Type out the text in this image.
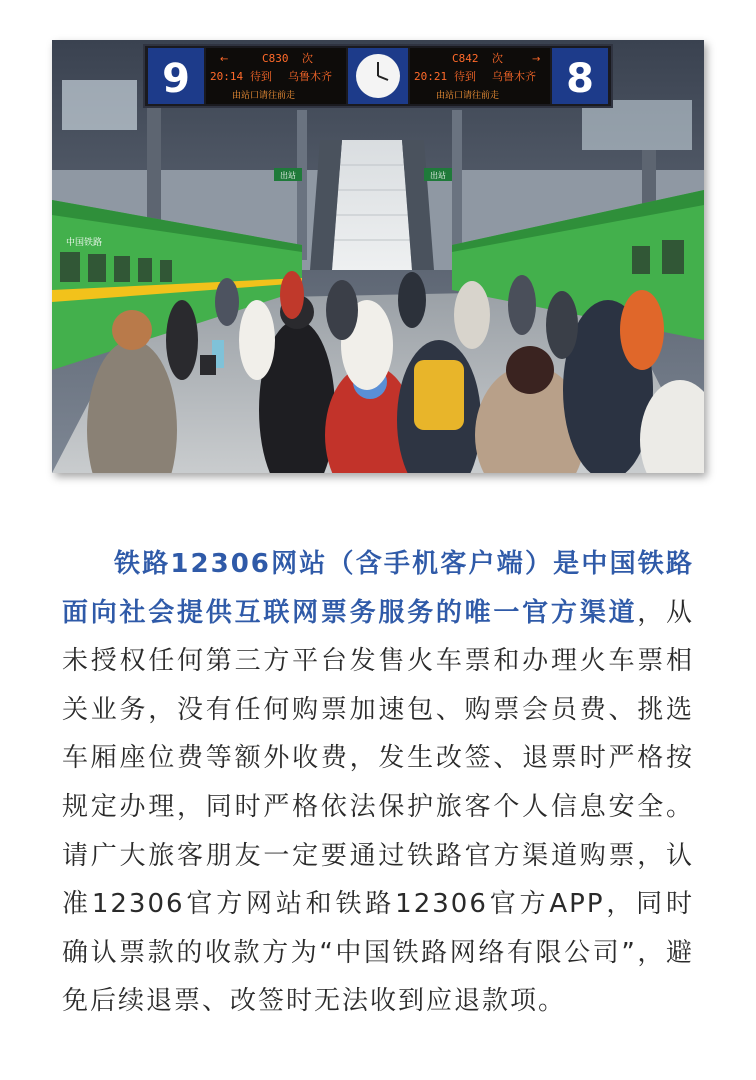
出站	出站
中国铁路
9	←	C830 次
20:14 待到 乌鲁木齐
由站口请往前走
C842 次	→
20:21 待到 乌鲁木齐
由站口请往前走 8

铁路12306网站（含手机客户端）是中国铁路面向社会提供互联网票务服务的唯一官方渠道，从未授权任何第三方平台发售火车票和办理火车票相关业务，没有任何购票加速包、购票会员费、挑选车厢座位费等额外收费，发生改签、退票时严格按规定办理，同时严格依法保护旅客个人信息安全。请广大旅客朋友一定要通过铁路官方渠道购票，认准12306官方网站和铁路12306官方APP，同时确认票款的收款方为“中国铁路网络有限公司”，避免后续退票、改签时无法收到应退款项。
